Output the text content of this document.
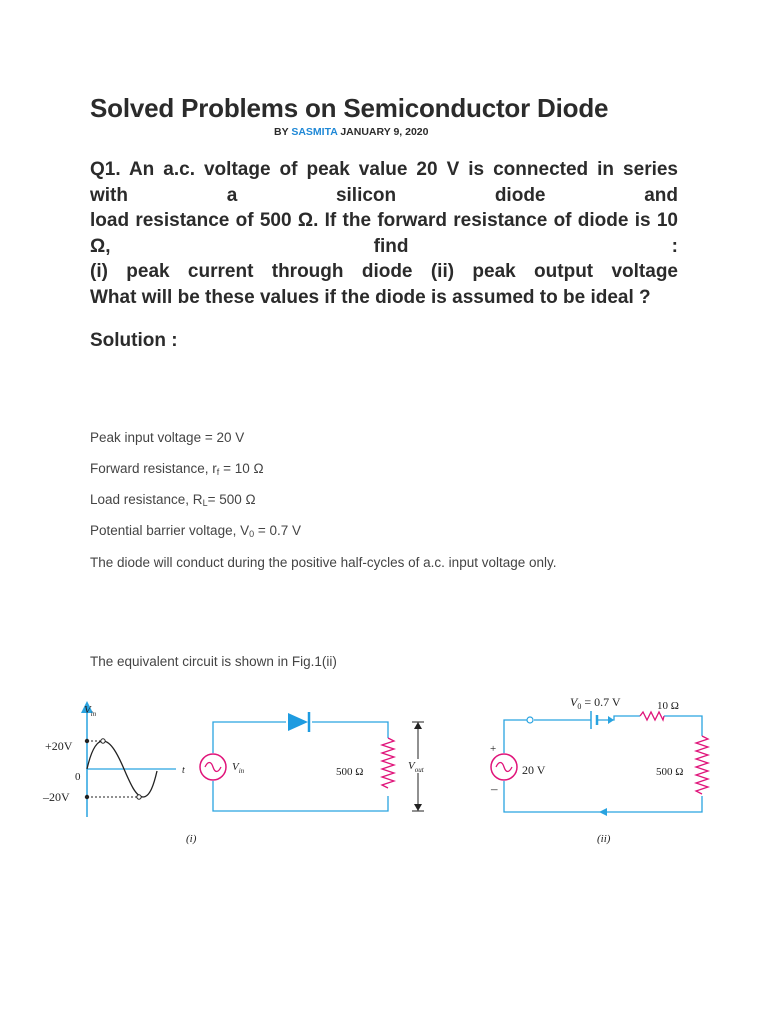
Solved Problems on Semiconductor Diode
BY SASMITA JANUARY 9, 2020
Q1. An a.c. voltage of peak value 20 V is connected in series
with	a	silicon	diode	and
load resistance of 500 Ω. If the forward resistance of diode is 10
Ω,	find	:
(i) peak current through diode (ii) peak output voltage
What will be these values if the diode is assumed to be ideal ?
Solution :

Peak input voltage = 20 V

Forward resistance, rf = 10 Ω

Load resistance, RL= 500 Ω

Potential barrier voltage, V0 = 0.7 V

The diode will conduct during the positive half-cycles of a.c. input voltage only.

The equivalent circuit is shown in Fig.1(ii)

$V_{in}$
t
+20V
0
–20V
$V_{in}$	500 Ω	$V_{out}$
(i)
$V_0 = 0.7$ V	10 Ω
+
–
20 V	500 Ω
(ii)
